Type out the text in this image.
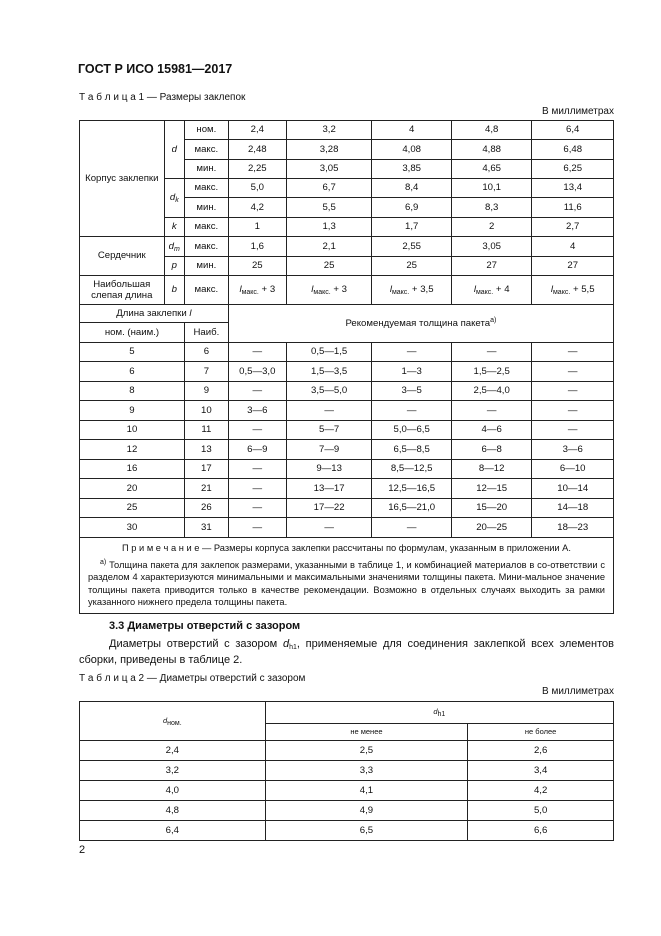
ГОСТ Р ИСО 15981—2017
Т а б л и ц а 1 — Размеры заклепок
В миллиметрах
Корпус заклепки	d	ном.	2,4	3,2	4	4,8	6,4
		макс.	2,48	3,28	4,08	4,88	6,48
		мин.	2,25	3,05	3,85	4,65	6,25
	$d_k$	макс.	5,0	6,7	8,4	10,1	13,4
		мин.	4,2	5,5	6,9	8,3	11,6
	k	макс.	1	1,3	1,7	2	2,7
Сердечник	$d_m$	макс.	1,6	2,1	2,55	3,05	4
	p	мин.	25	25	25	27	27
Наибольшая слепая длина	b	макс.	$l_{макс.} + 3$	$l_{макс.} + 3$	$l_{макс.} + 3,5$	$l_{макс.} + 4$	$l_{макс.} + 5,5$
Длина заклепки l			Рекомендуемая толщина пакета$^{a)}$
ном. (наим.)		Наиб.					
5		6	—	0,5—1,5	—	—	—
6		7	0,5—3,0	1,5—3,5	1—3	1,5—2,5	—
8		9	—	3,5—5,0	3—5	2,5—4,0	—
9		10	3—6	—	—	—	—
10		11	—	5—7	5,0—6,5	4—6	—
12		13	6—9	7—9	6,5—8,5	6—8	3—6
16		17	—	9—13	8,5—12,5	8—12	6—10
20		21	—	13—17	12,5—16,5	12—15	10—14
25		26	—	17—22	16,5—21,0	15—20	14—18
30		31	—	—	—	20—25	18—23

П р и м е ч а н и е — Размеры корпуса заклепки рассчитаны по формулам, указанным в приложении А.
$^{a)}$ Толщина пакета для заклепок размерами, указанными в таблице 1, и комбинацией материалов в со-ответствии с разделом 4 характеризуются минимальными и максимальными значениями толщины пакета. Мини-мальное значение толщины пакета приводится только в качестве рекомендации. Возможно в отдельных случаях выходить за рамки указанного нижнего предела толщины пакета.							
3.3 Диаметры отверстий с зазором
Диаметры отверстий с зазором $d_{h1}$, применяемые для соединения заклепкой всех элементов сборки, приведены в таблице 2.
Т а б л и ц а 2 — Диаметры отверстий с зазором
В миллиметрах
$d_{ном.}$	$d_{h1}$
	не менее	не более
2,4	2,5	2,6
3,2	3,3	3,4
4,0	4,1	4,2
4,8	4,9	5,0
6,4	6,5	6,6
2
